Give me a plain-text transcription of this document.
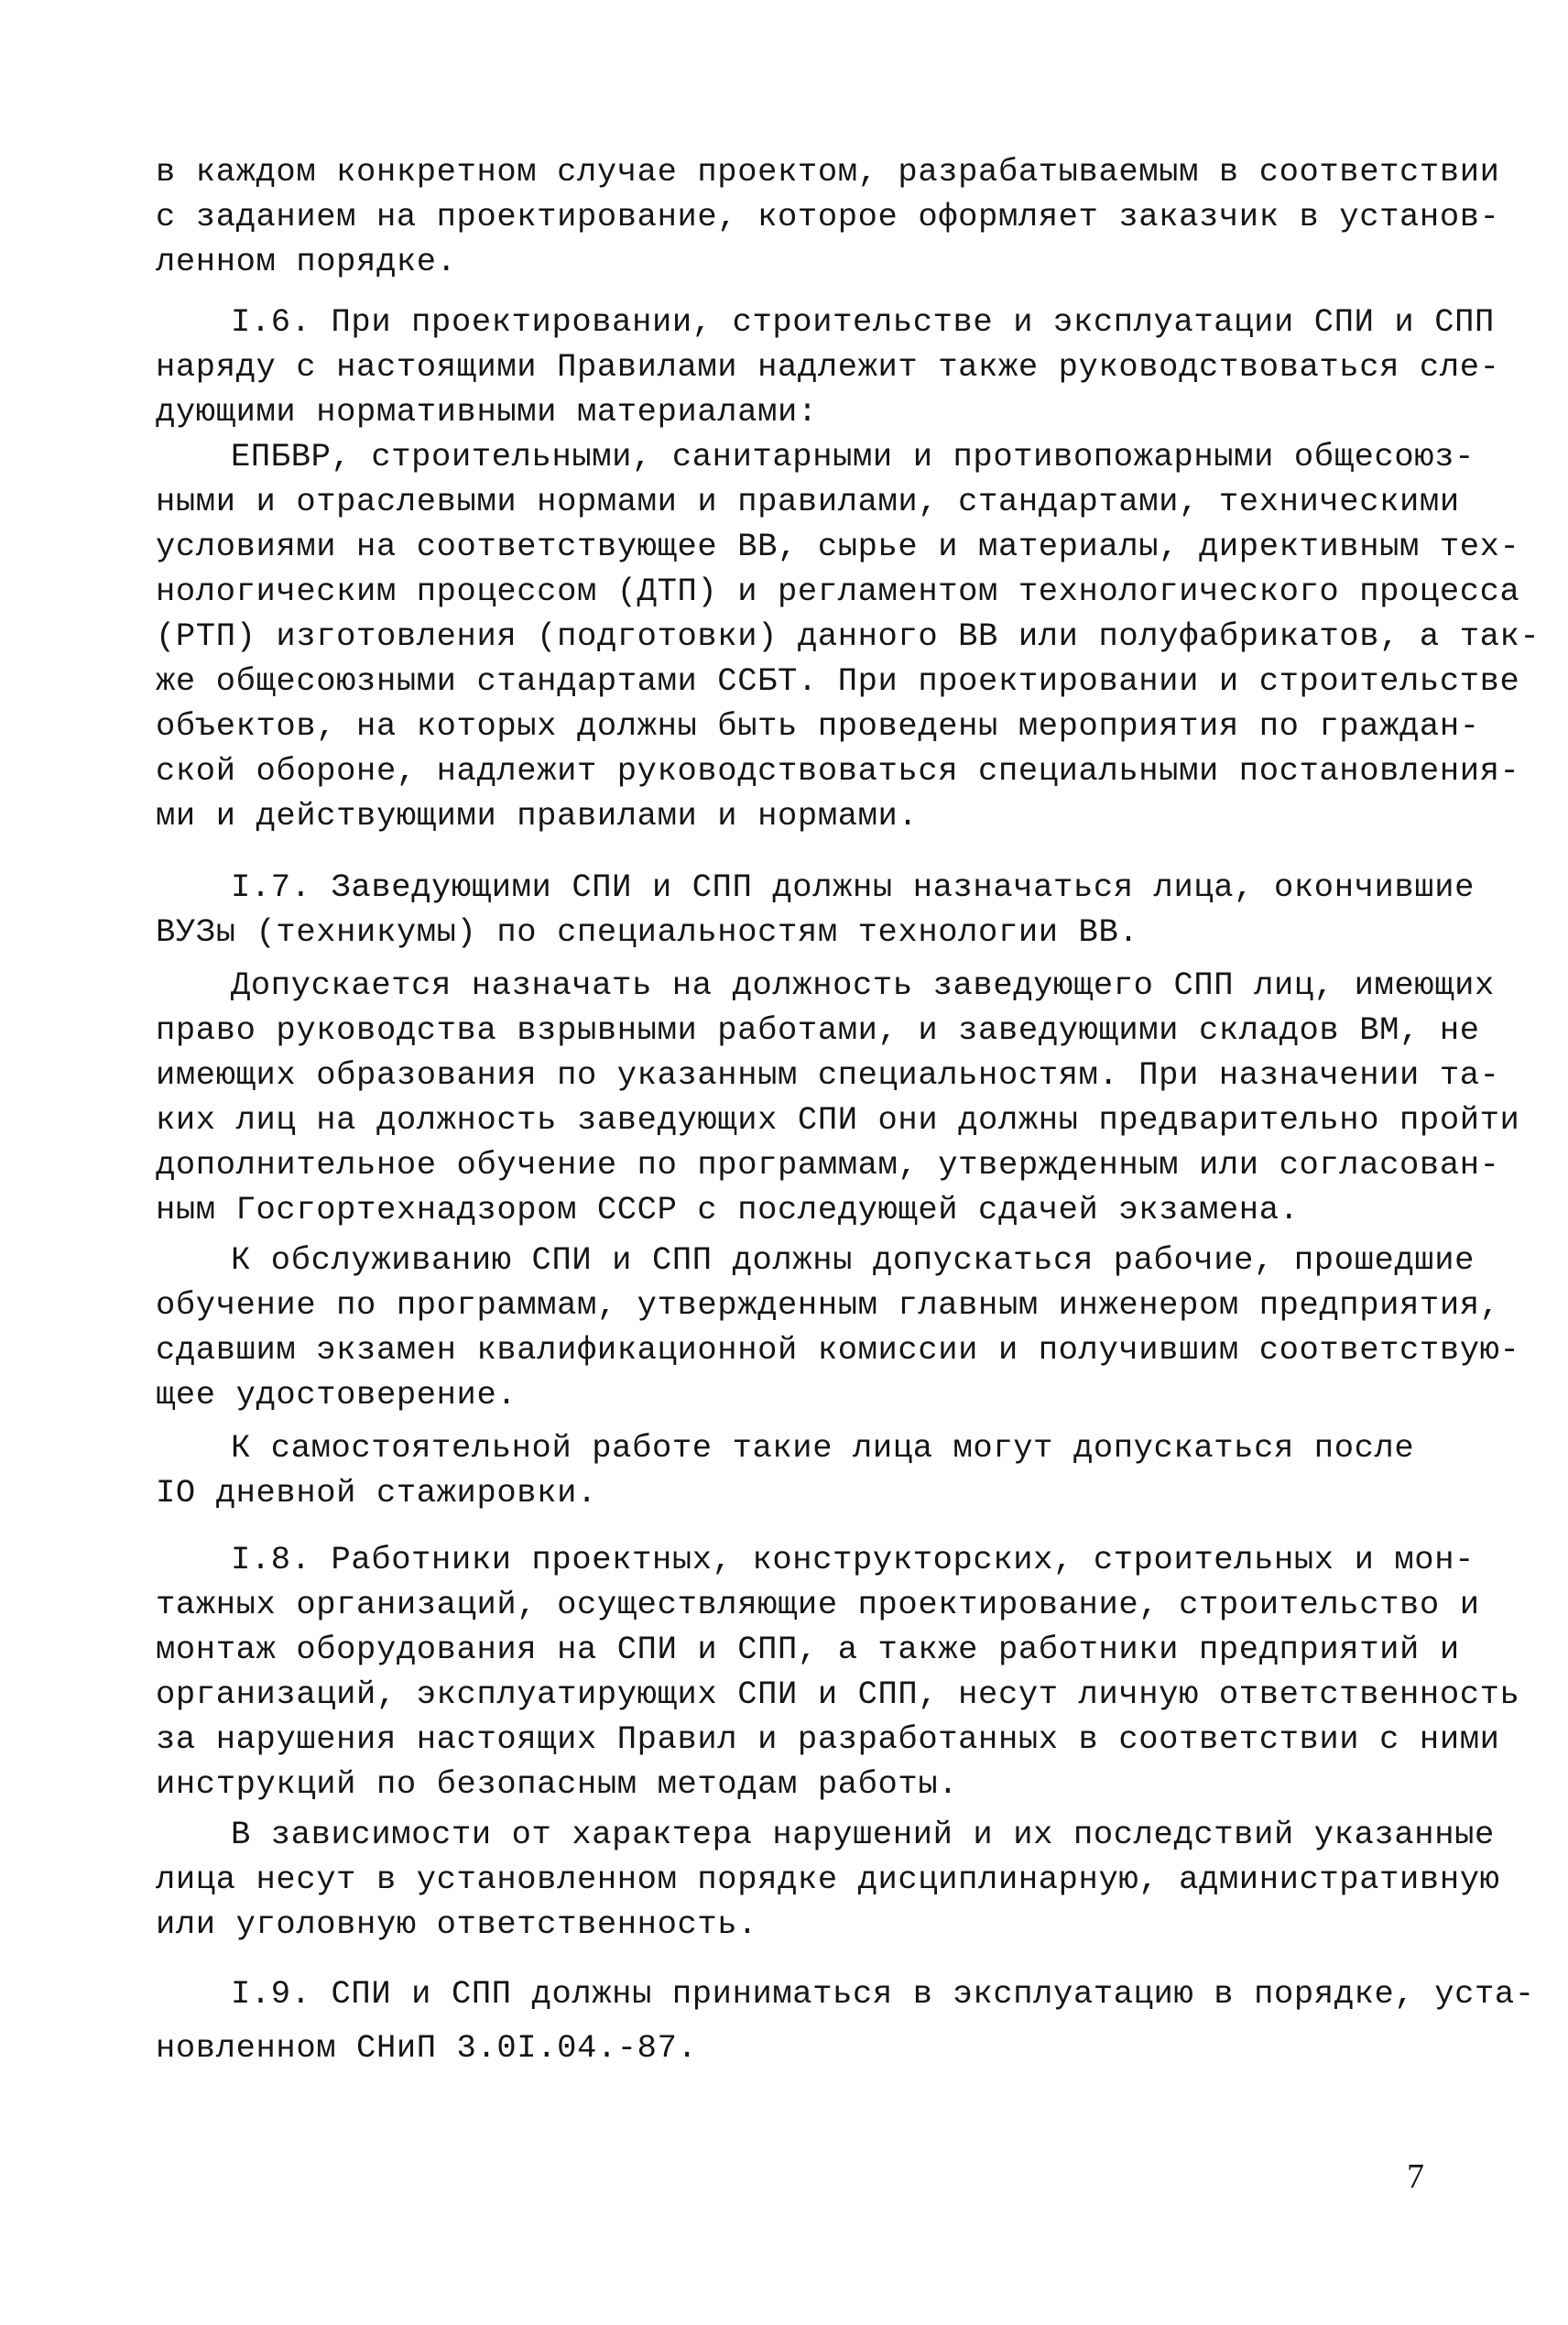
в каждом конкретном случае проектом, разрабатываемым в соответствии
с заданием на проектирование, которое оформляет заказчик в установ-
ленном порядке.
I.6. При проектировании, строительстве и эксплуатации СПИ и СПП
наряду с настоящими Правилами надлежит также руководствоваться сле-
дующими нормативными материалами:
ЕПБВР, строительными, санитарными и противопожарными общесоюз-
ными и отраслевыми нормами и правилами, стандартами, техническими
условиями на соответствующее ВВ, сырье и материалы, директивным тех-
нологическим процессом (ДТП) и регламентом технологического процесса
(РТП) изготовления (подготовки) данного ВВ или полуфабрикатов, а так-
же общесоюзными стандартами ССБТ. При проектировании и строительстве
объектов, на которых должны быть проведены мероприятия по граждан-
ской обороне, надлежит руководствоваться специальными постановления-
ми и действующими правилами и нормами.
I.7. Заведующими СПИ и СПП должны назначаться лица, окончившие
ВУЗы (техникумы) по специальностям технологии ВВ.
Допускается назначать на должность заведующего СПП лиц, имеющих
право руководства взрывными работами, и заведующими складов ВМ, не
имеющих образования по указанным специальностям. При назначении та-
ких лиц на должность заведующих СПИ они должны предварительно пройти
дополнительное обучение по программам, утвержденным или согласован-
ным Госгортехнадзором СССР с последующей сдачей экзамена.
К обслуживанию СПИ и СПП должны допускаться рабочие, прошедшие
обучение по программам, утвержденным главным инженером предприятия,
сдавшим экзамен квалификационной комиссии и получившим соответствую-
щее удостоверение.
К самостоятельной работе такие лица могут допускаться после
IO дневной стажировки.
I.8. Работники проектных, конструкторских, строительных и мон-
тажных организаций, осуществляющие проектирование, строительство и
монтаж оборудования на СПИ и СПП, а также работники предприятий и
организаций, эксплуатирующих СПИ и СПП, несут личную ответственность
за нарушения настоящих Правил и разработанных в соответствии с ними
инструкций по безопасным методам работы.
В зависимости от характера нарушений и их последствий указанные
лица несут в установленном порядке дисциплинарную, административную
или уголовную ответственность.
I.9. СПИ и СПП должны приниматься в эксплуатацию в порядке, уста-
новленном СНиП 3.0I.04.-87.
7
